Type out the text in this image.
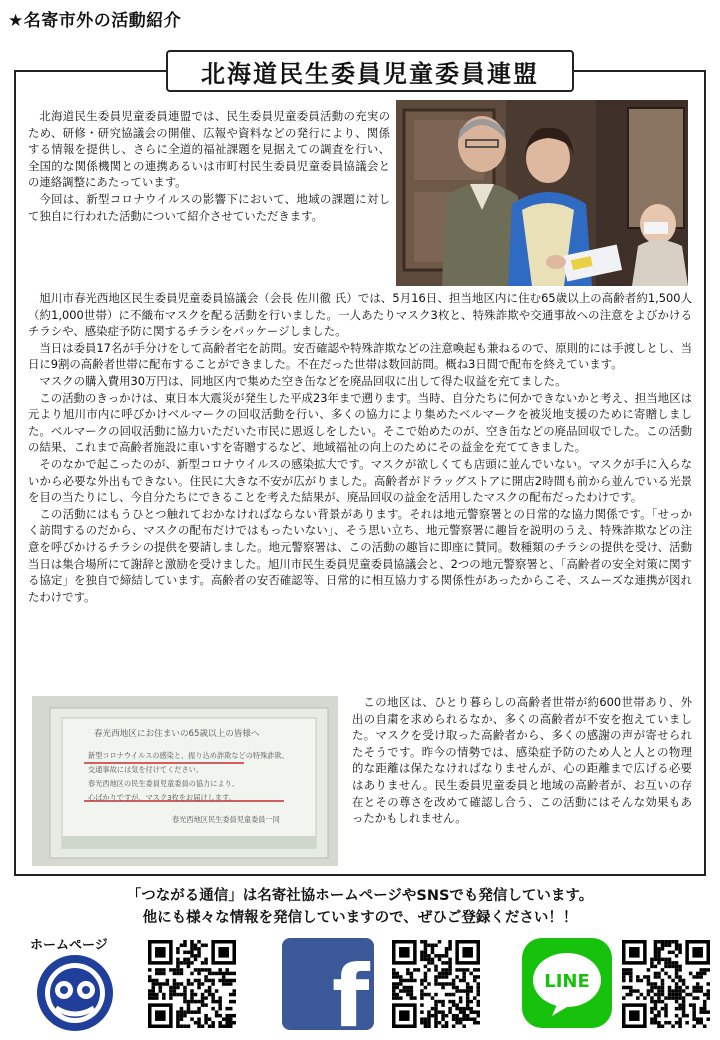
★名寄市外の活動紹介
北海道民生委員児童委員連盟

北海道民生委員児童委員連盟では、民生委員児童委員活動の充実のため、研修・研究協議会の開催、広報や資料などの発行により、関係する情報を提供し、さらに全道的福祉課題を見据えての調査を行い、全国的な関係機関との連携あるいは市町村民生委員児童委員協議会との連絡調整にあたっています。

今回は、新型コロナウイルスの影響下において、地域の課題に対して独自に行われた活動について紹介させていただきます。

旭川市春光西地区民生委員児童委員協議会（会長 佐川徹 氏）では、5月16日、担当地区内に住む65歳以上の高齢者約1,500人（約1,000世帯）に不織布マスクを配る活動を行いました。一人あたりマスク3枚と、特殊詐欺や交通事故への注意をよびかけるチラシや、感染症予防に関するチラシをパッケージしました。

当日は委員17名が手分けをして高齢者宅を訪問。安否確認や特殊詐欺などの注意喚起も兼ねるので、原則的には手渡しとし、当日に9割の高齢者世帯に配布することができました。不在だった世帯は数回訪問。概ね3日間で配布を終えています。

マスクの購入費用30万円は、同地区内で集めた空き缶などを廃品回収に出して得た収益を充てました。

この活動のきっかけは、東日本大震災が発生した平成23年まで遡ります。当時、自分たちに何かできないかと考え、担当地区は元より旭川市内に呼びかけベルマークの回収活動を行い、多くの協力により集めたベルマークを被災地支援のために寄贈しました。ベルマークの回収活動に協力いただいた市民に恩返しをしたい。そこで始めたのが、空き缶などの廃品回収でした。この活動の結果、これまで高齢者施設に車いすを寄贈するなど、地域福祉の向上のためにその益金を充ててきました。

そのなかで起こったのが、新型コロナウイルスの感染拡大です。マスクが欲しくても店頭に並んでいない。マスクが手に入らないから必要な外出もできない。住民に大きな不安が広がりました。高齢者がドラッグストアに開店2時間も前から並んでいる光景を目の当たりにし、今自分たちにできることを考えた結果が、廃品回収の益金を活用したマスクの配布だったわけです。

この活動にはもうひとつ触れておかなければならない背景があります。それは地元警察署との日常的な協力関係です。「せっかく訪問するのだから、マスクの配布だけではもったいない」、そう思い立ち、地元警察署に趣旨を説明のうえ、特殊詐欺などの注意を呼びかけるチラシの提供を要請しました。地元警察署は、この活動の趣旨に即座に賛同。数種類のチラシの提供を受け、活動当日は集合場所にて謝辞と激励を受けました。旭川市民生委員児童委員協議会と、2つの地元警察署と、「高齢者の安全対策に関する協定」を独自で締結しています。高齢者の安否確認等、日常的に相互協力する関係性があったからこそ、スムーズな連携が図れたわけです。

春光西地区にお住まいの65歳以上の皆様へ
新型コロナウイルスの感染と、振り込め詐欺などの特殊詐欺、
交通事故には気を付けてください。
春光西地区の民生委員児童委員の協力により、
心ばかりですが、マスク3枚をお届けします。
春光西地区民生委員児童委員一同

この地区は、ひとり暮らしの高齢者世帯が約600世帯あり、外出の自粛を求められるなか、多くの高齢者が不安を抱えていました。マスクを受け取った高齢者から、多くの感謝の声が寄せられたそうです。昨今の情勢では、感染症予防のため人と人との物理的な距離は保たなければなりませんが、心の距離まで広げる必要はありません。民生委員児童委員と地域の高齢者が、お互いの存在とその尊さを改めて確認し合う、この活動にはそんな効果もあったかもしれません。

「つながる通信」は名寄社協ホームページやSNSでも発信しています。
他にも様々な情報を発信していますので、ぜひご登録ください！！
ホームページ
f	LINE
